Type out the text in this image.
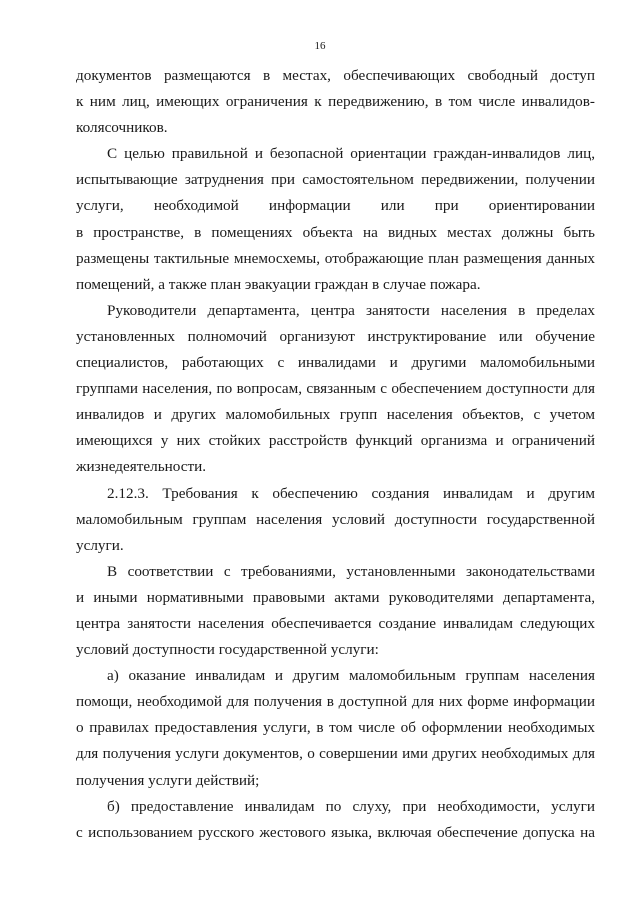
16
документов размещаются в местах, обеспечивающих свободный доступ
к ним лиц, имеющих ограничения к передвижению, в том числе инвалидов-
колясочников.
С целью правильной и безопасной ориентации граждан-инвалидов лиц,
испытывающие затруднения при самостоятельном передвижении, получении
услуги, необходимой информации или при ориентировании
в пространстве, в помещениях объекта на видных местах должны быть
размещены тактильные мнемосхемы, отображающие план размещения данных
помещений, а также план эвакуации граждан в случае пожара.
Руководители департамента, центра занятости населения в пределах
установленных полномочий организуют инструктирование или обучение
специалистов, работающих с инвалидами и другими маломобильными
группами населения, по вопросам, связанным с обеспечением доступности для
инвалидов и других маломобильных групп населения объектов, с учетом
имеющихся у них стойких расстройств функций организма и ограничений
жизнедеятельности.
2.12.3. Требования к обеспечению создания инвалидам и другим
маломобильным группам населения условий доступности государственной
услуги.
В соответствии с требованиями, установленными законодательствами
и иными нормативными правовыми актами руководителями департамента,
центра занятости населения обеспечивается создание инвалидам следующих
условий доступности государственной услуги:
а) оказание инвалидам и другим маломобильным группам населения
помощи, необходимой для получения в доступной для них форме информации
о правилах предоставления услуги, в том числе об оформлении необходимых
для получения услуги документов, о совершении ими других необходимых для
получения услуги действий;
б) предоставление инвалидам по слуху, при необходимости, услуги
с использованием русского жестового языка, включая обеспечение допуска на
